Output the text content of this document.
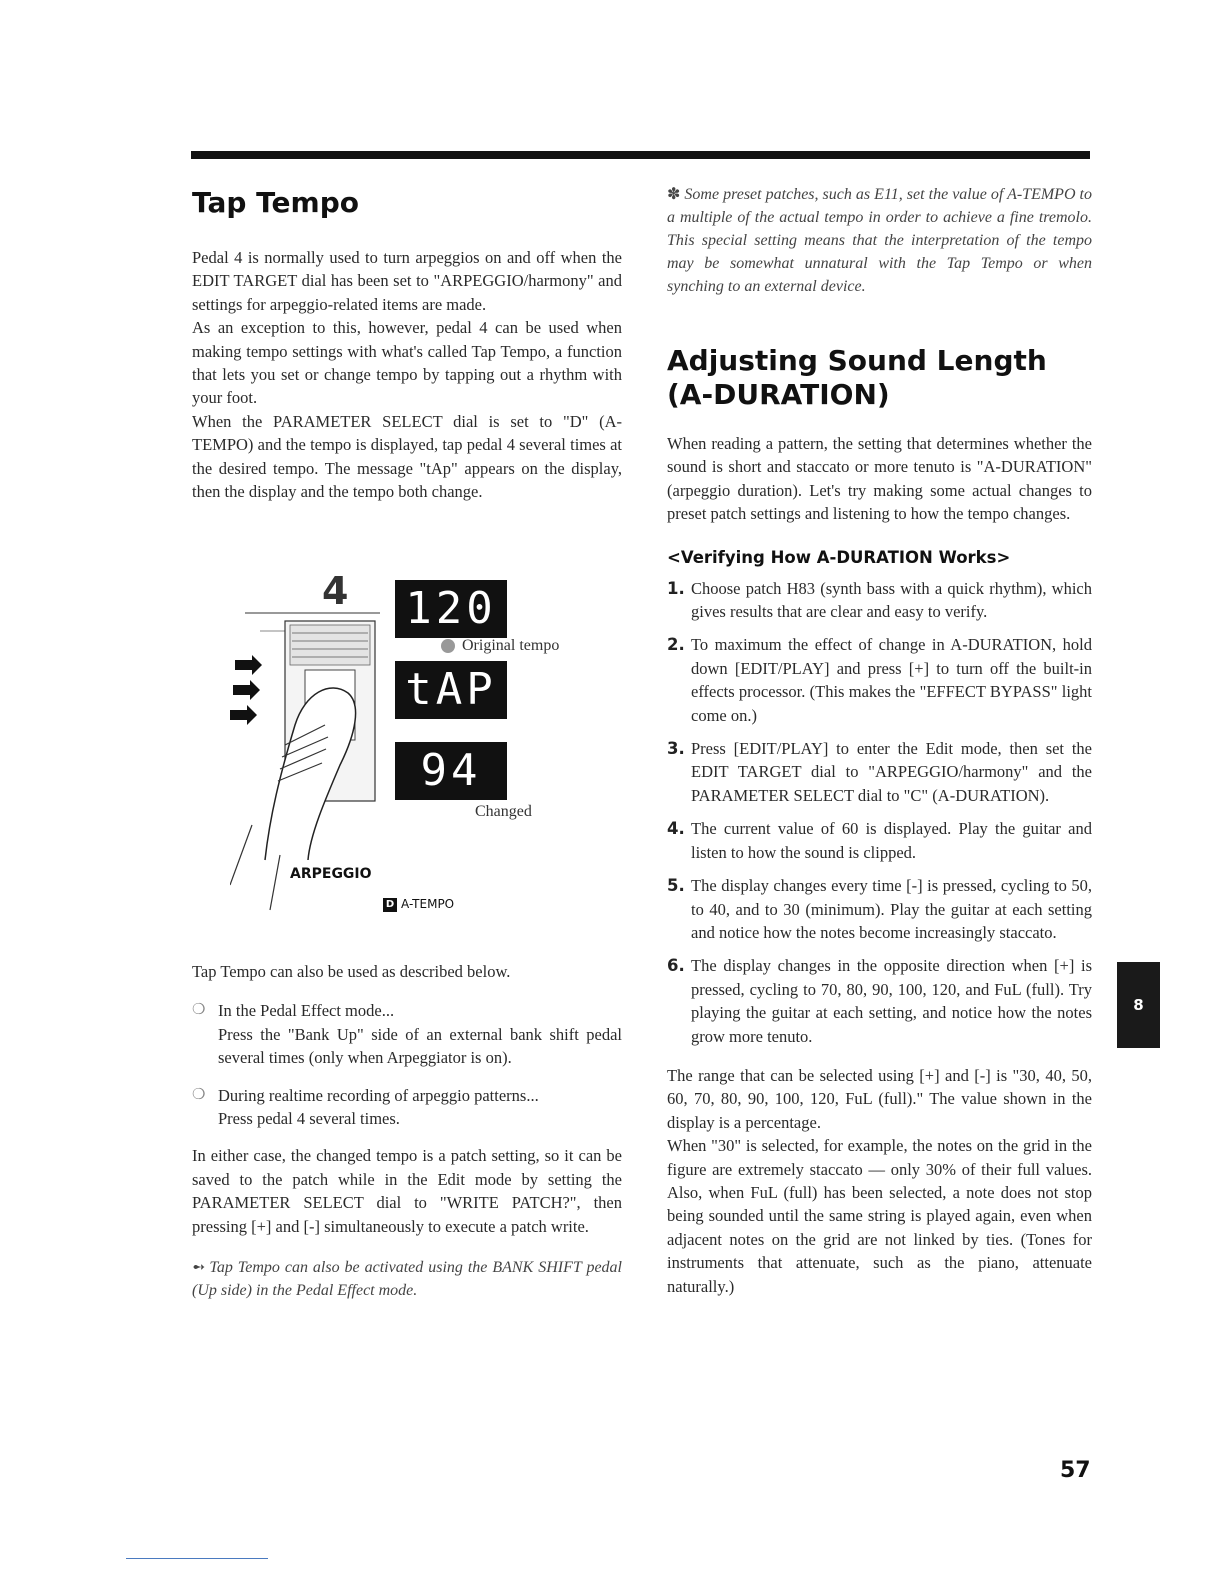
Tap Tempo

Pedal 4 is normally used to turn arpeggios on and off when the EDIT TARGET dial has been set to "ARPEGGIO/harmony" and settings for arpeggio-related items are made.

As an exception to this, however, pedal 4 can be used when making tempo settings with what's called Tap Tempo, a function that lets you set or change tempo by tapping out a rhythm with your foot.

When the PARAMETER SELECT dial is set to "D" (A-TEMPO) and the tempo is displayed, tap pedal 4 several times at the desired tempo. The message "tAp" appears on the display, then the display and the tempo both change.

4 120
Original tempo
tAP
94
Changed
ARPEGGIO
D A-TEMPO

Tap Tempo can also be used as described below.

❍ In the Pedal Effect mode...

Press the "Bank Up" side of an external bank shift pedal several times (only when Arpeggiator is on).

❍ During realtime recording of arpeggio patterns...

Press pedal 4 several times.

In either case, the changed tempo is a patch setting, so it can be saved to the patch while in the Edit mode by setting the PARAMETER SELECT dial to "WRITE PATCH?", then pressing [+] and [-] simultaneously to execute a patch write.

➻ Tap Tempo can also be activated using the BANK SHIFT pedal (Up side) in the Pedal Effect mode.

✽ Some preset patches, such as E11, set the value of A-TEMPO to a multiple of the actual tempo in order to achieve a fine tremolo. This special setting means that the interpretation of the tempo may be somewhat unnatural with the Tap Tempo or when synching to an external device.

Adjusting Sound Length
(A-DURATION)

When reading a pattern, the setting that determines whether the sound is short and staccato or more tenuto is "A-DURATION" (arpeggio duration). Let's try making some actual changes to preset patch settings and listening to how the tempo changes.

<Verifying How A-DURATION Works>

1. Choose patch H83 (synth bass with a quick rhythm), which gives results that are clear and easy to verify.

2. To maximum the effect of change in A-DURATION, hold down [EDIT/PLAY] and press [+] to turn off the built-in effects processor. (This makes the "EFFECT BYPASS" light come on.)

3. Press [EDIT/PLAY] to enter the Edit mode, then set the EDIT TARGET dial to "ARPEGGIO/harmony" and the PARAMETER SELECT dial to "C" (A-DURATION).

4. The current value of 60 is displayed. Play the guitar and listen to how the sound is clipped.

5. The display changes every time [-] is pressed, cycling to 50, to 40, and to 30 (minimum). Play the guitar at each setting and notice how the notes become increasingly staccato.

6. The display changes in the opposite direction when [+] is pressed, cycling to 70, 80, 90, 100, 120, and FuL (full). Try playing the guitar at each setting, and notice how the notes grow more tenuto.

The range that can be selected using [+] and [-] is "30, 40, 50, 60, 70, 80, 90, 100, 120, FuL (full)." The value shown in the display is a percentage.

When "30" is selected, for example, the notes on the grid in the figure are extremely staccato — only 30% of their full values. Also, when FuL (full) has been selected, a note does not stop being sounded until the same string is played again, even when adjacent notes on the grid are not linked by ties. (Tones for instruments that attenuate, such as the piano, attenuate naturally.)

8
57
